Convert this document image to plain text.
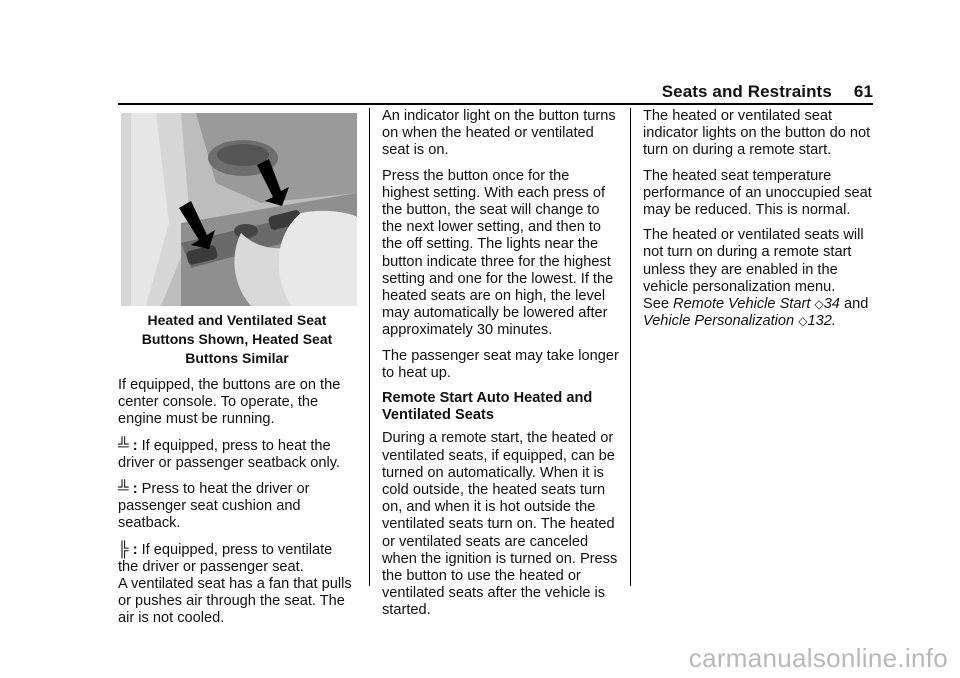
Seats and Restraints 61
Heated and Ventilated Seat
Buttons Shown, Heated Seat
Buttons Similar

If equipped, the buttons are on the center console. To operate, the engine must be running.

╩ : If equipped, press to heat the driver or passenger seatback only.

╩ : Press to heat the driver or passenger seat cushion and seatback.

╠ : If equipped, press to ventilate the driver or passenger seat.

A ventilated seat has a fan that pulls or pushes air through the seat. The air is not cooled.

An indicator light on the button turns on when the heated or ventilated seat is on.

Press the button once for the highest setting. With each press of the button, the seat will change to the next lower setting, and then to the off setting. The lights near the button indicate three for the highest setting and one for the lowest. If the heated seats are on high, the level may automatically be lowered after approximately 30 minutes.

The passenger seat may take longer to heat up.

Remote Start Auto Heated and Ventilated Seats

During a remote start, the heated or ventilated seats, if equipped, can be turned on automatically. When it is cold outside, the heated seats turn on, and when it is hot outside the ventilated seats turn on. The heated or ventilated seats are canceled when the ignition is turned on. Press the button to use the heated or ventilated seats after the vehicle is started.

The heated or ventilated seat indicator lights on the button do not turn on during a remote start.

The heated seat temperature performance of an unoccupied seat may be reduced. This is normal.

The heated or ventilated seats will not turn on during a remote start unless they are enabled in the vehicle personalization menu.

See Remote Vehicle Start ◇34 and Vehicle Personalization ◇132.

carmanualsonline.info
